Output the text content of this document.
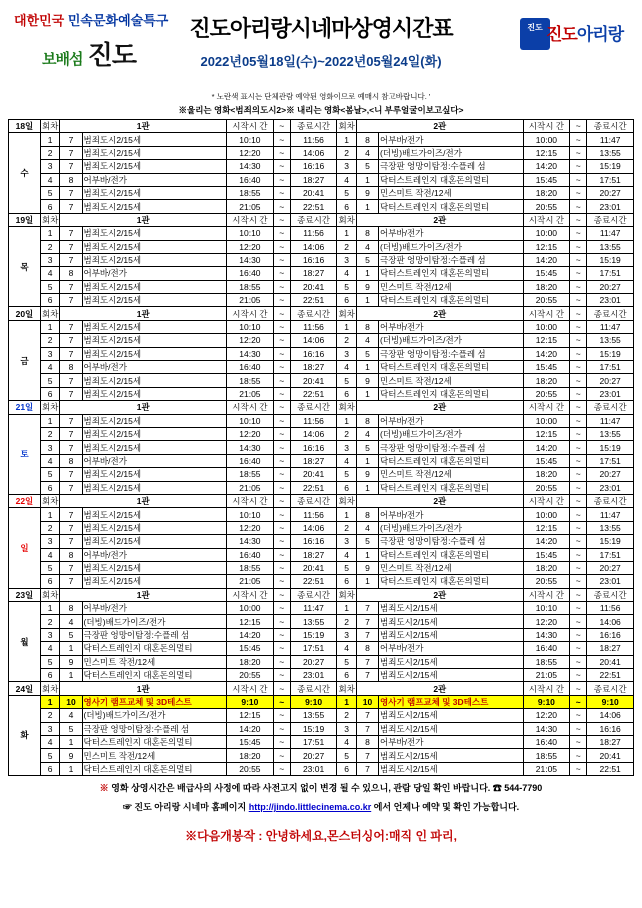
대한민국 민속문화예술특구
보배섬 진도
진도아리랑시네마상영시간표
2022년05월18일(수)~2022년05월24일(화)
진도 진도아리랑
* 노란색 표시는 단체관람 예약된 영화이므로 예매시 참고바랍니다. '
※울리는 영화<범죄의도시2>※ 내리는 영화<봄날>,<니 부루얼굴이보고싶다>
18일	회차	1관		시작시 간	~	종료시간	회차	2관		시작시 간	~	종료시간
수	1	7	범죄도시2/15세	10:10	~	11:56	1	8	어부바/전가	10:00	~	11:47
	2	7	범죄도시2/15세	12:20	~	14:06	2	4	(더빙)배드가이즈/전가	12:15	~	13:55
	3	7	범죄도시2/15세	14:30	~	16:16	3	5	극장판 엉망이탐정:수플레 섬	14:20	~	15:19
	4	8	어부바/전가	16:40	~	18:27	4	1	닥터스트레인지 대혼돈의멀티	15:45	~	17:51
	5	7	범죄도시2/15세	18:55	~	20:41	5	9	민스미트 작전/12세	18:20	~	20:27
	6	7	범죄도시2/15세	21:05	~	22:51	6	1	닥터스트레인지 대혼돈의멀티	20:55	~	23:01
19일	회차	1관		시작시 간	~	종료시간	회차	2관		시작시 간	~	종료시간
목	1	7	범죄도시2/15세	10:10	~	11:56	1	8	어부바/전가	10:00	~	11:47
	2	7	범죄도시2/15세	12:20	~	14:06	2	4	(더빙)배드가이즈/전가	12:15	~	13:55
	3	7	범죄도시2/15세	14:30	~	16:16	3	5	극장판 엉망이탐정:수플레 섬	14:20	~	15:19
	4	8	어부바/전가	16:40	~	18:27	4	1	닥터스트레인지 대혼돈의멀티	15:45	~	17:51
	5	7	범죄도시2/15세	18:55	~	20:41	5	9	민스미트 작전/12세	18:20	~	20:27
	6	7	범죄도시2/15세	21:05	~	22:51	6	1	닥터스트레인지 대혼돈의멀티	20:55	~	23:01
20일	회차	1관		시작시 간	~	종료시간	회차	2관		시작시 간	~	종료시간
금	1	7	범죄도시2/15세	10:10	~	11:56	1	8	어부바/전가	10:00	~	11:47
	2	7	범죄도시2/15세	12:20	~	14:06	2	4	(더빙)배드가이즈/전가	12:15	~	13:55
	3	7	범죄도시2/15세	14:30	~	16:16	3	5	극장판 엉망이탐정:수플레 섬	14:20	~	15:19
	4	8	어부바/전가	16:40	~	18:27	4	1	닥터스트레인지 대혼돈의멀티	15:45	~	17:51
	5	7	범죄도시2/15세	18:55	~	20:41	5	9	민스미트 작전/12세	18:20	~	20:27
	6	7	범죄도시2/15세	21:05	~	22:51	6	1	닥터스트레인지 대혼돈의멀티	20:55	~	23:01
21일	회차	1관		시작시 간	~	종료시간	회차	2관		시작시 간	~	종료시간
토	1	7	범죄도시2/15세	10:10	~	11:56	1	8	어부바/전가	10:00	~	11:47
	2	7	범죄도시2/15세	12:20	~	14:06	2	4	(더빙)배드가이즈/전가	12:15	~	13:55
	3	7	범죄도시2/15세	14:30	~	16:16	3	5	극장판 엉망이탐정:수플레 섬	14:20	~	15:19
	4	8	어부바/전가	16:40	~	18:27	4	1	닥터스트레인지 대혼돈의멀티	15:45	~	17:51
	5	7	범죄도시2/15세	18:55	~	20:41	5	9	민스미트 작전/12세	18:20	~	20:27
	6	7	범죄도시2/15세	21:05	~	22:51	6	1	닥터스트레인지 대혼돈의멀티	20:55	~	23:01
22일	회차	1관		시작시 간	~	종료시간	회차	2관		시작시 간	~	종료시간
일	1	7	범죄도시2/15세	10:10	~	11:56	1	8	어부바/전가	10:00	~	11:47
	2	7	범죄도시2/15세	12:20	~	14:06	2	4	(더빙)배드가이즈/전가	12:15	~	13:55
	3	7	범죄도시2/15세	14:30	~	16:16	3	5	극장판 엉망이탐정:수플레 섬	14:20	~	15:19
	4	8	어부바/전가	16:40	~	18:27	4	1	닥터스트레인지 대혼돈의멀티	15:45	~	17:51
	5	7	범죄도시2/15세	18:55	~	20:41	5	9	민스미트 작전/12세	18:20	~	20:27
	6	7	범죄도시2/15세	21:05	~	22:51	6	1	닥터스트레인지 대혼돈의멀티	20:55	~	23:01
23일	회차	1관		시작시 간	~	종료시간	회차	2관		시작시 간	~	종료시간
월	1	8	어부바/전가	10:00	~	11:47	1	7	범죄도시2/15세	10:10	~	11:56
	2	4	(더빙)배드가이즈/전가	12:15	~	13:55	2	7	범죄도시2/15세	12:20	~	14:06
	3	5	극장판 엉망이탐정:수플레 섬	14:20	~	15:19	3	7	범죄도시2/15세	14:30	~	16:16
	4	1	닥터스트레인지 대혼돈의멀티	15:45	~	17:51	4	8	어부바/전가	16:40	~	18:27
	5	9	민스미트 작전/12세	18:20	~	20:27	5	7	범죄도시2/15세	18:55	~	20:41
	6	1	닥터스트레인지 대혼돈의멀티	20:55	~	23:01	6	7	범죄도시2/15세	21:05	~	22:51
24일	회차	1관		시작시 간	~	종료시간	회차	2관		시작시 간	~	종료시간
화	1	10	영사기 램프교체 및 3D테스트	9:10	~	9:10	1	10	영사기 램프교체 및 3D테스트	9:10	~	9:10
	2	4	(더빙)배드가이즈/전가	12:15	~	13:55	2	7	범죄도시2/15세	12:20	~	14:06
	3	5	극장판 엉망이탐정:수플레 섬	14:20	~	15:19	3	7	범죄도시2/15세	14:30	~	16:16
	4	1	닥터스트레인지 대혼돈의멀티	15:45	~	17:51	4	8	어부바/전가	16:40	~	18:27
	5	9	민스미트 작전/12세	18:20	~	20:27	5	7	범죄도시2/15세	18:55	~	20:41
	6	1	닥터스트레인지 대혼돈의멀티	20:55	~	23:01	6	7	범죄도시2/15세	21:05	~	22:51
※ 영화 상영시간은 배급사의 사정에 따라 사전고지 없이 변경 될 수 있으니, 관람 당일 확인 바랍니다. ☎ 544-7790
☞ 진도 아리랑 시네마 홈페이지 http://jindo.littlecinema.co.kr 에서 언제나 예약 및 확인 가능합니다.
※다음개봉작 : 안녕하세요,몬스터싱어:매직 인 파리,
